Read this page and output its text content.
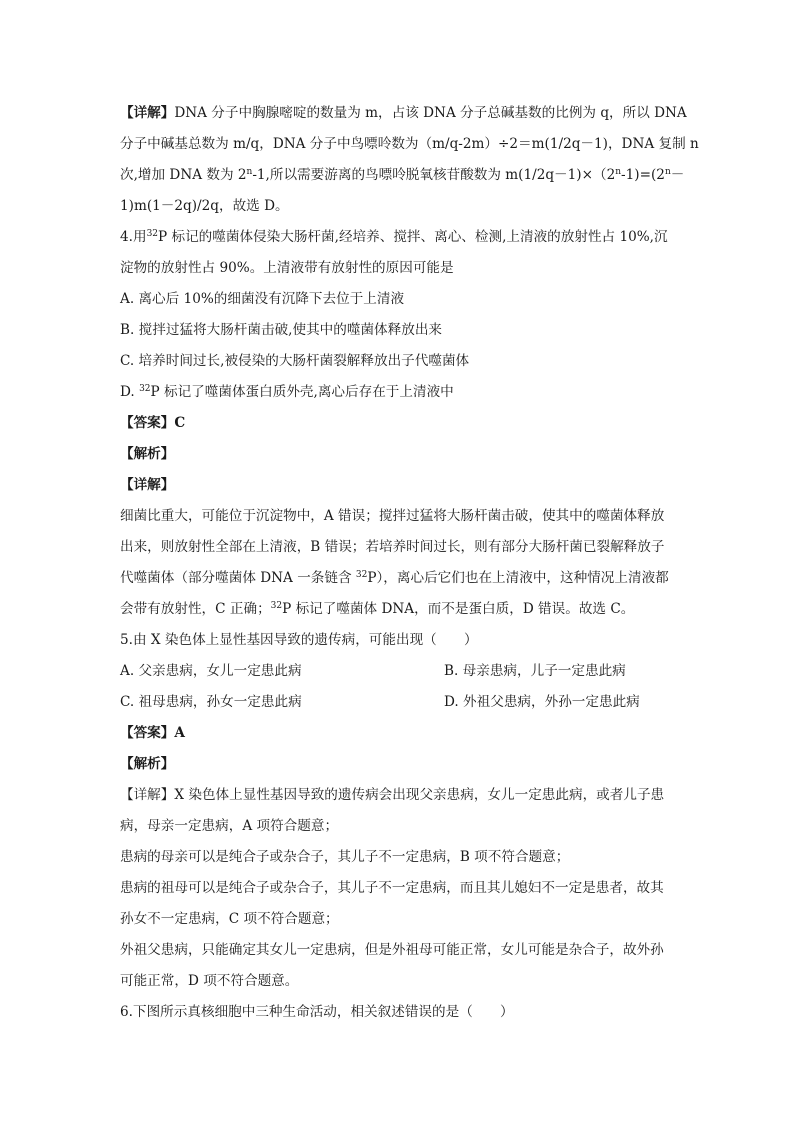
【详解】DNA 分子中胸腺嘧啶的数量为 m，占该 DNA 分子总碱基数的比例为 q，所以 DNA
分子中碱基总数为 m/q，DNA 分子中鸟嘌呤数为（m/q-2m）÷2＝m(1/2q－1)，DNA 复制 n
次,增加 DNA 数为 2$^n$-1,所以需要游离的鸟嘌呤脱氧核苷酸数为 $m(1/2q-1)\times(2^n-1)=(2^n-$
1)m(1－2q)/2q，故选 D。
4.用$^{32}$P 标记的噬菌体侵染大肠杆菌,经培养、搅拌、离心、检测,上清液的放射性占 10%,沉
淀物的放射性占 90%。上清液带有放射性的原因可能是
A. 离心后 10%的细菌没有沉降下去位于上清液
B. 搅拌过猛将大肠杆菌击破,使其中的噬菌体释放出来
C. 培养时间过长,被侵染的大肠杆菌裂解释放出子代噬菌体
D. $^{32}$P 标记了噬菌体蛋白质外壳,离心后存在于上清液中
【答案】C
【解析】
【详解】
细菌比重大，可能位于沉淀物中，A 错误；搅拌过猛将大肠杆菌击破，使其中的噬菌体释放
出来，则放射性全部在上清液，B 错误；若培养时间过长，则有部分大肠杆菌已裂解释放子
代噬菌体（部分噬菌体 DNA 一条链含 $^{32}$P），离心后它们也在上清液中，这种情况上清液都
会带有放射性，C 正确；$^{32}$P 标记了噬菌体 DNA，而不是蛋白质，D 错误。故选 C。
5.由 X 染色体上显性基因导致的遗传病，可能出现（　　）
A. 父亲患病，女儿一定患此病	B. 母亲患病，儿子一定患此病
C. 祖母患病，孙女一定患此病	D. 外祖父患病，外孙一定患此病
【答案】A
【解析】
【详解】X 染色体上显性基因导致的遗传病会出现父亲患病，女儿一定患此病，或者儿子患
病，母亲一定患病，A 项符合题意；
患病的母亲可以是纯合子或杂合子，其儿子不一定患病，B 项不符合题意；
患病的祖母可以是纯合子或杂合子，其儿子不一定患病，而且其儿媳妇不一定是患者，故其
孙女不一定患病，C 项不符合题意；
外祖父患病，只能确定其女儿一定患病，但是外祖母可能正常，女儿可能是杂合子，故外孙
可能正常，D 项不符合题意。
6.下图所示真核细胞中三种生命活动，相关叙述错误的是（　　）
